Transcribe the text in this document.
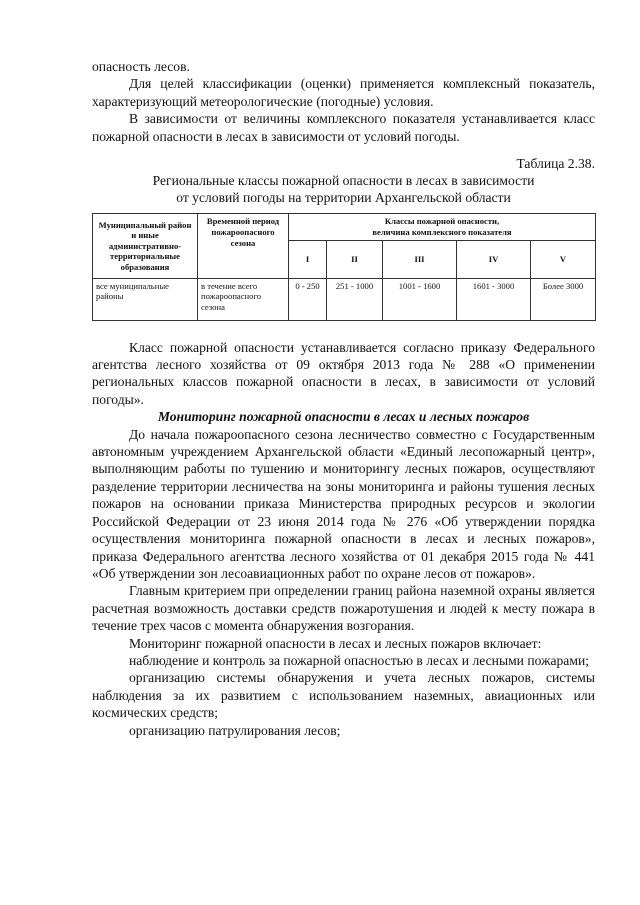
опасность лесов.

Для целей классификации (оценки) применяется комплексный показатель, характеризующий метеорологические (погодные) условия.

В зависимости от величины комплексного показателя устанавливается класс пожарной опасности в лесах в зависимости от условий погоды.

Таблица 2.38.

Региональные классы пожарной опасности в лесах в зависимости

от условий погоды на территории Архангельской области

Муниципальный район и иные административно-территориальные образования	Временной период пожароопасного сезона	Классы пожарной опасности,
величина комплексного показателя				
		I	II	III	IV	V
все муниципальные районы	в течение всего пожароопасного сезона	0 - 250	251 - 1000	1001 - 1600	1601 - 3000	Более 3000

Класс пожарной опасности устанавливается согласно приказу Федерального агентства лесного хозяйства от 09 октября 2013 года № 288 «О применении региональных классов пожарной опасности в лесах, в зависимости от условий погоды».

Мониторинг пожарной опасности в лесах и лесных пожаров

До начала пожароопасного сезона лесничество совместно с Государственным автономным учреждением Архангельской области «Единый лесопожарный центр», выполняющим работы по тушению и мониторингу лесных пожаров, осуществляют разделение территории лесничества на зоны мониторинга и районы тушения лесных пожаров на основании приказа Министерства природных ресурсов и экологии Российской Федерации от 23 июня 2014 года № 276 «Об утверждении порядка осуществления мониторинга пожарной опасности в лесах и лесных пожаров», приказа Федерального агентства лесного хозяйства от 01 декабря 2015 года № 441 «Об утверждении зон лесоавиационных работ по охране лесов от пожаров».

Главным критерием при определении границ района наземной охраны является расчетная возможность доставки средств пожаротушения и людей к месту пожара в течение трех часов с момента обнаружения возгорания.

Мониторинг пожарной опасности в лесах и лесных пожаров включает:

наблюдение и контроль за пожарной опасностью в лесах и лесными пожарами;

организацию системы обнаружения и учета лесных пожаров, системы наблюдения за их развитием с использованием наземных, авиационных или космических средств;

организацию патрулирования лесов;
